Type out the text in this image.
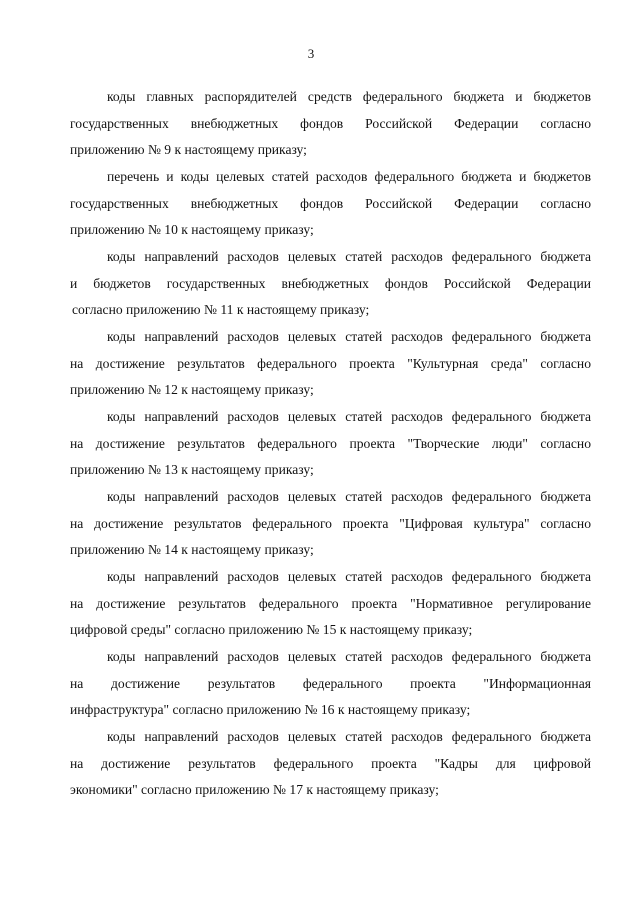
3

коды главных распорядителей средств федерального бюджета и бюджетов
государственных внебюджетных фондов Российской Федерации согласно
приложению № 9 к настоящему приказу;

перечень и коды целевых статей расходов федерального бюджета и бюджетов
государственных внебюджетных фондов Российской Федерации согласно
приложению № 10 к настоящему приказу;

коды направлений расходов целевых статей расходов федерального бюджета
и бюджетов государственных внебюджетных фондов Российской Федерации
согласно приложению № 11 к настоящему приказу;

коды направлений расходов целевых статей расходов федерального бюджета
на достижение результатов федерального проекта "Культурная среда" согласно
приложению № 12 к настоящему приказу;

коды направлений расходов целевых статей расходов федерального бюджета
на достижение результатов федерального проекта "Творческие люди" согласно
приложению № 13 к настоящему приказу;

коды направлений расходов целевых статей расходов федерального бюджета
на достижение результатов федерального проекта "Цифровая культура" согласно
приложению № 14 к настоящему приказу;

коды направлений расходов целевых статей расходов федерального бюджета
на достижение результатов федерального проекта "Нормативное регулирование
цифровой среды" согласно приложению № 15 к настоящему приказу;

коды направлений расходов целевых статей расходов федерального бюджета
на достижение результатов федерального проекта "Информационная
инфраструктура" согласно приложению № 16 к настоящему приказу;

коды направлений расходов целевых статей расходов федерального бюджета
на достижение результатов федерального проекта "Кадры для цифровой
экономики" согласно приложению № 17 к настоящему приказу;
